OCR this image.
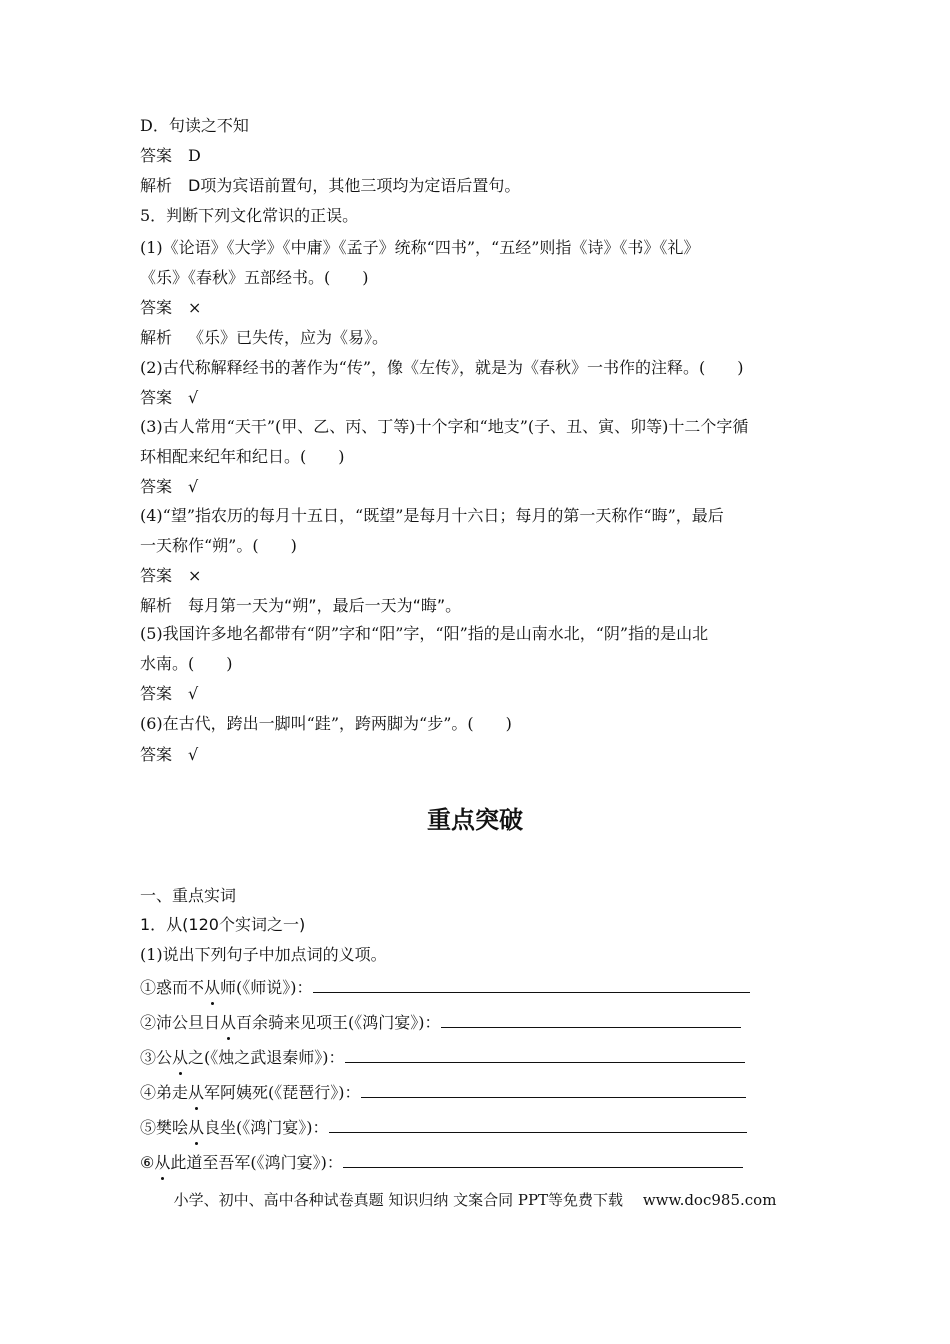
D．句读之不知
答案 D
解析 D项为宾语前置句，其他三项均为定语后置句。
5．判断下列文化常识的正误。
(1)《论语》《大学》《中庸》《孟子》统称“四书”，“五经”则指《诗》《书》《礼》
《乐》《春秋》五部经书。(　　)
答案 ×
解析 《乐》已失传，应为《易》。
(2)古代称解释经书的著作为“传”，像《左传》，就是为《春秋》一书作的注释。(　　)
答案 √
(3)古人常用“天干”(甲、乙、丙、丁等)十个字和“地支”(子、丑、寅、卯等)十二个字循
环相配来纪年和纪日。(　　)
答案 √
(4)“望”指农历的每月十五日，“既望”是每月十六日；每月的第一天称作“晦”，最后
一天称作“朔”。(　　)
答案 ×
解析 每月第一天为“朔”，最后一天为“晦”。
(5)我国许多地名都带有“阴”字和“阳”字，“阳”指的是山南水北，“阴”指的是山北
水南。(　　)
答案 √
(6)在古代，跨出一脚叫“跬”，跨两脚为“步”。(　　)
答案 √
重点突破
一、重点实词
1．从(120个实词之一)
(1)说出下列句子中加点词的义项。
①惑而不从师(《师说》)：
②沛公旦日从百余骑来见项王(《鸿门宴》)：
③公从之(《烛之武退秦师》)：
④弟走从军阿姨死(《琵琶行》)：
⑤樊哙从良坐(《鸿门宴》)：
⑥从此道至吾军(《鸿门宴》)：
小学、初中、高中各种试卷真题 知识归纳 文案合同 PPT等免费下载　 www.doc985.com
